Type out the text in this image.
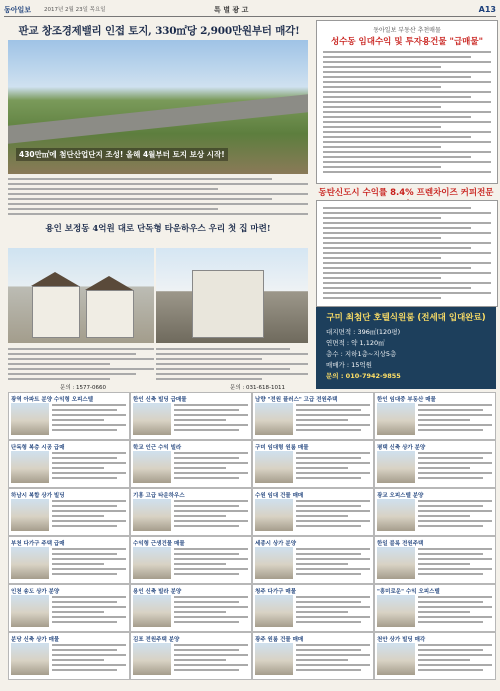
동아일보 2017년 2월 23일 목요일	특 별 광 고	A13
판교 창조경제밸리 인접 토지, 330㎡당 2,900만원부터 매각!
430만㎡에 첨단산업단지 조성! 올해 4월부터 토지 보상 시작!
용인 보정동 4억원 대로 단독형 타운하우스 우리 첫 집 마련!
문의 : 1577-0660	문의 : 031-618-1011
동아일보 부동산 추천매물
성수동 임대수익 및 투자용건물 "급매물"
동탄신도시 수익률 8.4% 프렌차이즈 커피전문
구미 최첨단 호텔식원룸 (전세대 입대완료)
대지면적 : 396㎡(120평)
연면적 : 약 1,120㎡
층수 : 지하1층~지상5층
매매가 : 15억원
문의 : 010-7942-9855
광역 아파트 분양 수익형 오피스텔	한인 신축 빌딩 급매물	남향 "전원 플러스" 고급 전원주택	한인 임대중 부동산 매물
단독형 복층 시공 급매	학교 인근 수익 빌라	구미 임대형 원룸 매물	평택 신축 상가 분양
하남시 복합 상가 빌딩	기흥 고급 타운하우스	수원 임대 건물 매매	광교 오피스텔 분양
부천 다가구 주택 급매	수익형 근생건물 매물	세종시 상가 분양	한일 블록 전원주택
인천 송도 상가 분양	용인 신축 빌라 분양	청주 다가구 매물	"흥미로운" 수익 오피스텔
분당 신축 상가 매물	김포 전원주택 분양	광주 원룸 건물 매매	천안 상가 빌딩 매각
